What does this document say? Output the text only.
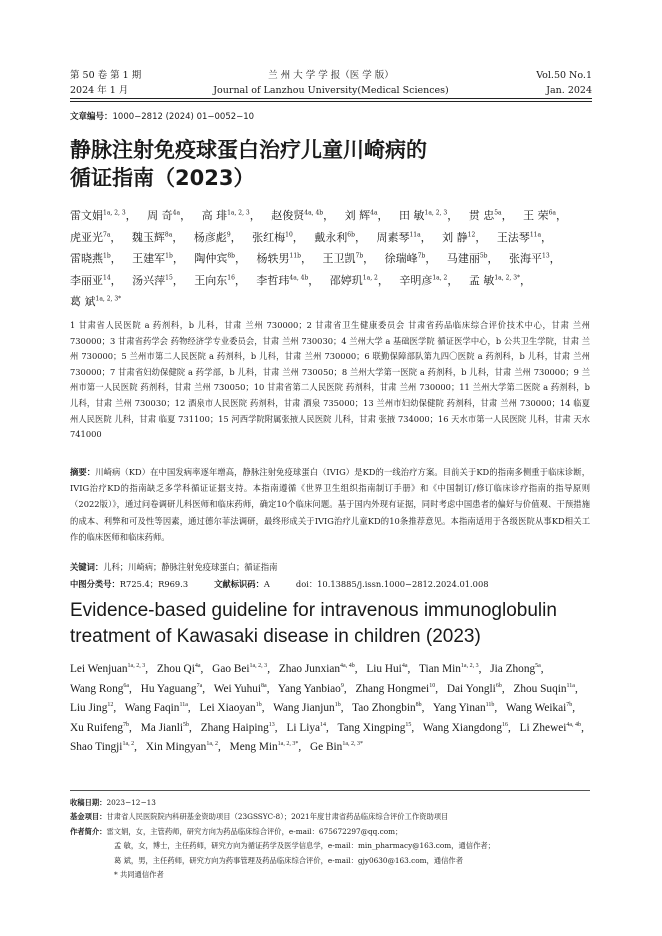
第 50 卷 第 1 期
2024 年 1 月
兰 州 大 学 学 报（医 学 版）
Journal of Lanzhou University(Medical Sciences)
Vol.50 No.1
Jan. 2024
文章编号：1000−2812 (2024) 01−0052−10
静脉注射免疫球蛋白治疗儿童川崎病的
循证指南（2023）
雷文娟$^{1a, 2, 3}$， 周 奇$^{4a}$， 高 琲$^{1a, 2, 3}$， 赵俊贤$^{4a, 4b}$， 刘 辉$^{4a}$， 田 敏$^{1a, 2, 3}$， 贯 忠$^{5a}$， 王 荣$^{6a}$， 虎亚光$^{7a}$， 魏玉辉$^{8a}$， 杨彦彪$^9$， 张红梅$^{10}$， 戴永利$^{6b}$， 周素琴$^{11a}$， 刘 静$^{12}$， 王法琴$^{11a}$， 雷晓燕$^{1b}$， 王建军$^{1b}$， 陶仲宾$^{8b}$， 杨轶男$^{11b}$， 王卫凯$^{7b}$， 徐瑞峰$^{7b}$， 马建丽$^{5b}$， 张海平$^{13}$， 李丽亚$^{14}$， 汤兴萍$^{15}$， 王向东$^{16}$， 李哲玮$^{4a, 4b}$， 邵婷玑$^{1a, 2}$， 辛明彦$^{1a, 2}$， 孟 敏$^{1a, 2, 3*}$， 葛 斌$^{1a, 2, 3*}$
1 甘肃省人民医院 a 药剂科，b 儿科，甘肃 兰州 730000；2 甘肃省卫生健康委员会 甘肃省药品临床综合评价技术中心，甘肃 兰州 730000；3 甘肃省药学会 药物经济学专业委员会，甘肃 兰州 730030；4 兰州大学 a 基础医学院 循证医学中心，b 公共卫生学院，甘肃 兰州 730000；5 兰州市第二人民医院 a 药剂科，b 儿科，甘肃 兰州 730000；6 联勤保障部队第九四〇医院 a 药剂科，b 儿科，甘肃 兰州 730000；7 甘肃省妇幼保健院 a 药学部，b 儿科，甘肃 兰州 730050；8 兰州大学第一医院 a 药剂科，b 儿科，甘肃 兰州 730000；9 兰州市第一人民医院 药剂科，甘肃 兰州 730050；10 甘肃省第二人民医院 药剂科，甘肃 兰州 730000；11 兰州大学第二医院 a 药剂科，b 儿科，甘肃 兰州 730030；12 酒泉市人民医院 药剂科，甘肃 酒泉 735000；13 兰州市妇幼保健院 药剂科，甘肃 兰州 730000；14 临夏州人民医院 儿科，甘肃 临夏 731100；15 河西学院附属张掖人民医院 儿科，甘肃 张掖 734000；16 天水市第一人民医院 儿科，甘肃 天水 741000
摘要：川崎病（KD）在中国发病率逐年增高，静脉注射免疫球蛋白（IVIG）是KD的一线治疗方案。目前关于KD的指南多侧重于临床诊断，IVIG治疗KD的指南缺乏多学科循证证据支持。本指南遵循《世界卫生组织指南制订手册》和《中国制订/修订临床诊疗指南的指导原则（2022版）》，通过问卷调研儿科医师和临床药师，确定10个临床问题。基于国内外现有证据，同时考虑中国患者的偏好与价值观、干预措施的成本、利弊和可及性等因素，通过德尔菲法调研，最终形成关于IVIG治疗儿童KD的10条推荐意见。本指南适用于各级医院从事KD相关工作的临床医师和临床药师。
关键词：儿科；川崎病；静脉注射免疫球蛋白；循证指南
中图分类号：R725.4；R969.3	文献标识码：A	doi：10.13885/j.issn.1000−2812.2024.01.008
Evidence-based guideline for intravenous immunoglobulin
treatment of Kawasaki disease in children (2023)
Lei Wenjuan$^{1a, 2, 3}$, Zhou $Qi^{4a}$, Gao Bei$^{1a, 2, 3}$, Zhao Junxian$^{4a, 4b}$, Liu Hui$^{4a}$, Tian Min$^{1a, 2, 3}$, Jia Zhong$^{5a}$, Wang Rong$^{6a}$, Hu Yaguang$^{7a}$, Wei Yuhui$^{8a}$, Yang Yanbiao$^9$, Zhang Hongmei$^{10}$, Dai Yongli$^{6b}$, Zhou Suqin$^{11a}$, Liu Jing$^{12}$, Wang Faqin$^{11a}$, Lei Xiaoyan$^{1b}$, Wang Jianjun$^{1b}$, Tao Zhongbin$^{8b}$, Yang Yinan$^{11b}$, Wang Weikai$^{7b}$, Xu Ruifeng$^{7b}$, Ma Jianli$^{5b}$, Zhang Haiping$^{13}$, Li Liya$^{14}$, Tang Xingping$^{15}$, Wang Xiangdong$^{16}$, Li Zhewei$^{4a, 4b}$, Shao Tingji$^{1a, 2}$, Xin Mingyan$^{1a, 2}$, Meng Min$^{1a, 2, 3*}$, Ge Bin$^{1a, 2, 3*}$
收稿日期： 2023−12−13
基金项目： 甘肃省人民医院院内科研基金资助项目（23GSSYC-8）；2021年度甘肃省药品临床综合评价工作资助项目
作者简介： 雷文娟，女，主管药师，研究方向为药品临床综合评价，e-mail：675672297@qq.com；
孟 敏，女，博士，主任药师，研究方向为循证药学及医学信息学，e-mail：min_pharmacy@163.com，通信作者；
葛 斌，男，主任药师，研究方向为药事管理及药品临床综合评价，e-mail：gjy0630@163.com，通信作者
* 共同通信作者
